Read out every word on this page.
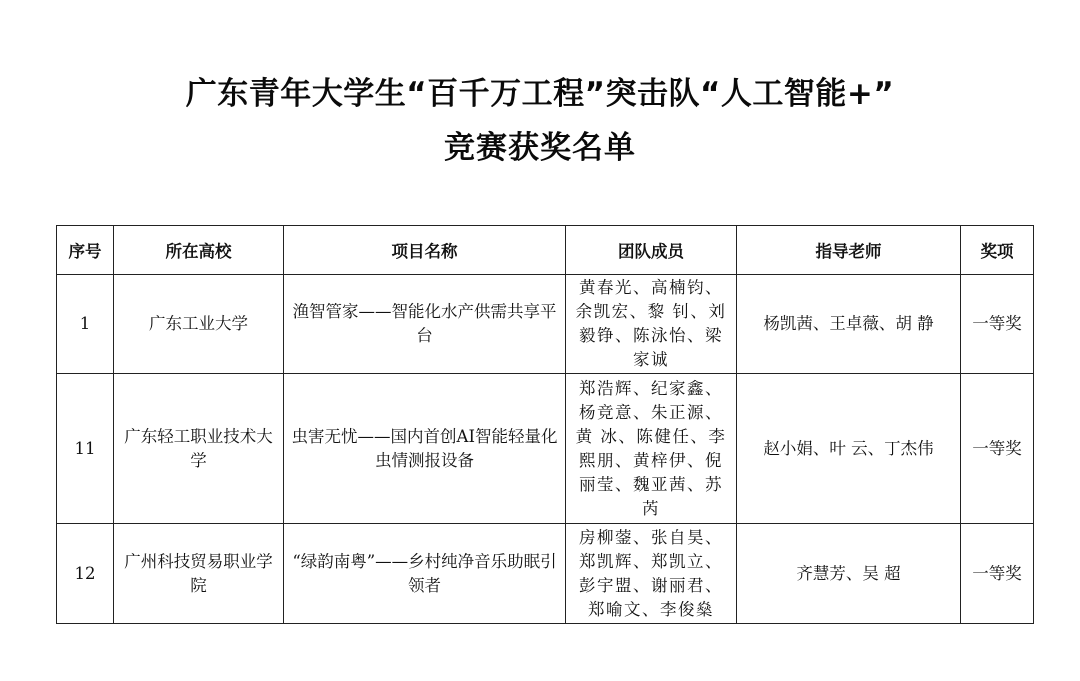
广东青年大学生“百千万工程”突击队“人工智能+”
竞赛获奖名单
序号	所在高校	项目名称	团队成员	指导老师	奖项
1	广东工业大学	渔智管家——智能化水产供需共享平台	黄春光、高楠钧、余凯宏、黎 钊、刘毅铮、陈泳怡、梁家诚	杨凯茜、王卓薇、胡 静	一等奖
11	广东轻工职业技术大学	虫害无忧——国内首创AI智能轻量化虫情测报设备	郑浩辉、纪家鑫、杨竞意、朱正源、黄 冰、陈健任、李熙朋、黄梓伊、倪丽莹、魏亚茜、苏 芮	赵小娟、叶 云、丁杰伟	一等奖
12	广州科技贸易职业学院	“绿韵南粤”——乡村纯净音乐助眠引领者	房柳蓥、张自昊、郑凯辉、郑凯立、彭宇盟、谢丽君、郑喻文、李俊燊	齐慧芳、吴 超	一等奖
